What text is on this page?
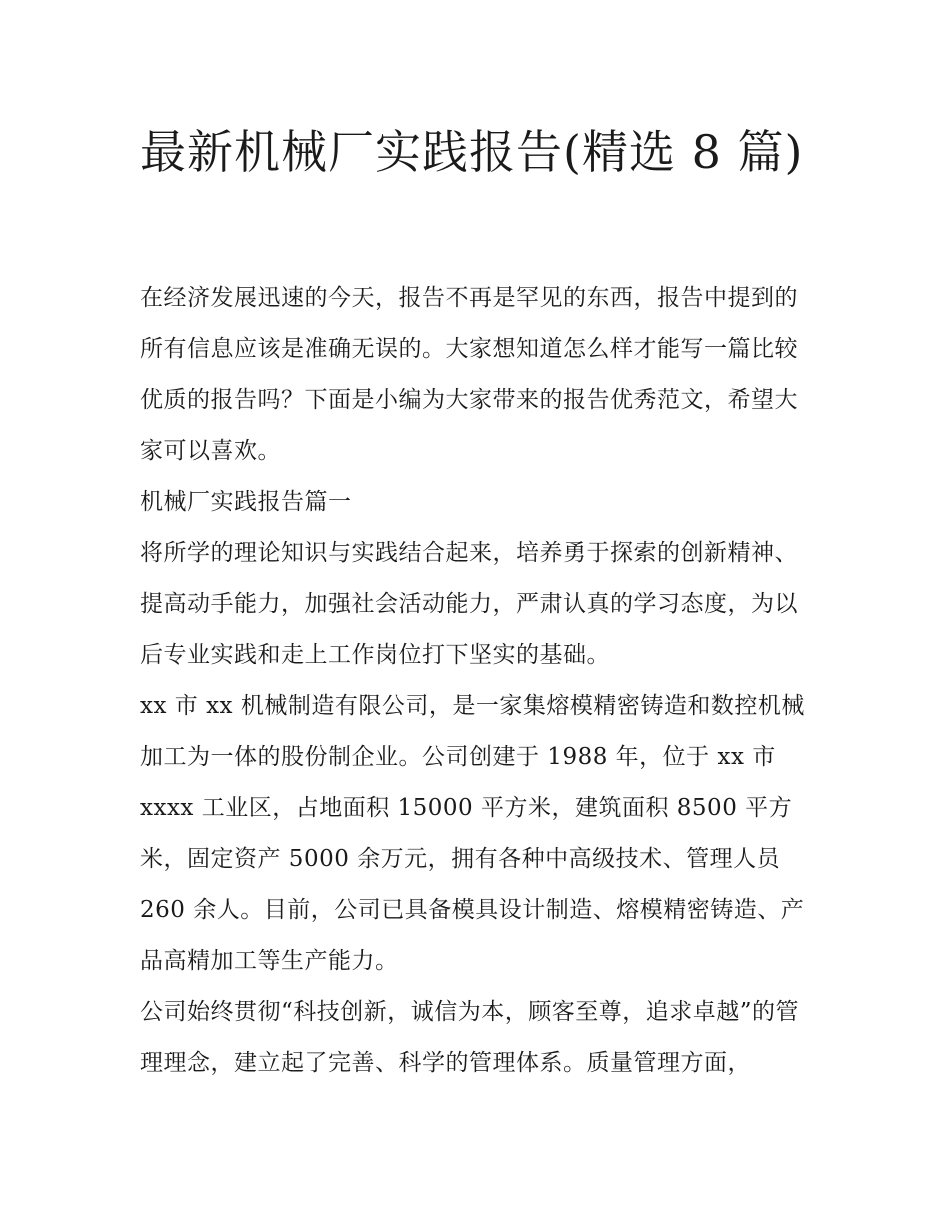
最新机械厂实践报告(精选 8 篇)

在经济发展迅速的今天，报告不再是罕见的东西，报告中提到的所有信息应该是准确无误的。大家想知道怎么样才能写一篇比较优质的报告吗？下面是小编为大家带来的报告优秀范文，希望大家可以喜欢。

机械厂实践报告篇一

将所学的理论知识与实践结合起来，培养勇于探索的创新精神、提高动手能力，加强社会活动能力，严肃认真的学习态度，为以后专业实践和走上工作岗位打下坚实的基础。

xx 市 xx 机械制造有限公司，是一家集熔模精密铸造和数控机械加工为一体的股份制企业。公司创建于 1988 年，位于 xx 市 xxxx 工业区，占地面积 15000 平方米，建筑面积 8500 平方米，固定资产 5000 余万元，拥有各种中高级技术、管理人员 260 余人。目前，公司已具备模具设计制造、熔模精密铸造、产品高精加工等生产能力。

公司始终贯彻“科技创新，诚信为本，顾客至尊，追求卓越”的管理理念，建立起了完善、科学的管理体系。质量管理方面，
